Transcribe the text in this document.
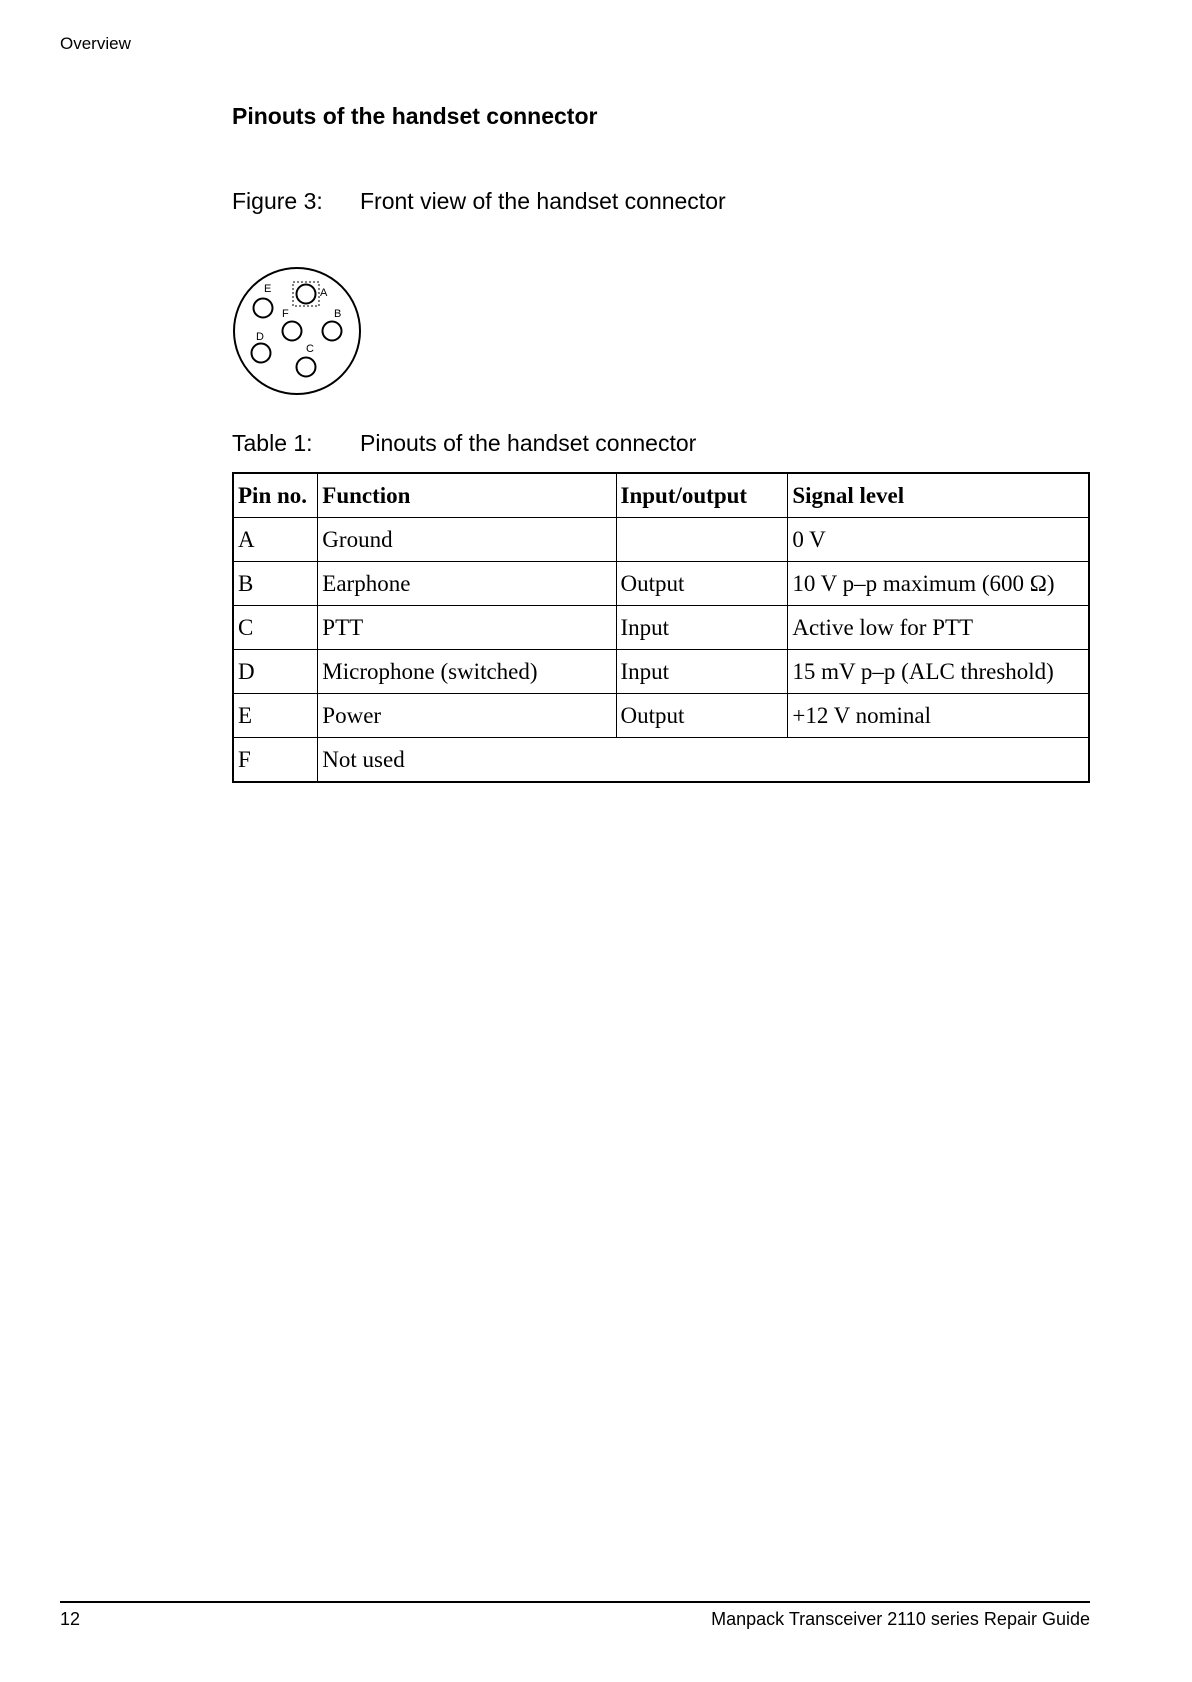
Overview
Pinouts of the handset connector
Figure 3: Front view of the handset connector
A
B
C
D
E
F
Table 1: Pinouts of the handset connector
Pin no.	Function	Input/output	Signal level
A	Ground		0 V
B	Earphone	Output	10 V p–p maximum (600 Ω)
C	PTT	Input	Active low for PTT
D	Microphone (switched)	Input	15 mV p–p (ALC threshold)
E	Power	Output	+12 V nominal
F	Not used		
12	Manpack Transceiver 2110 series Repair Guide
